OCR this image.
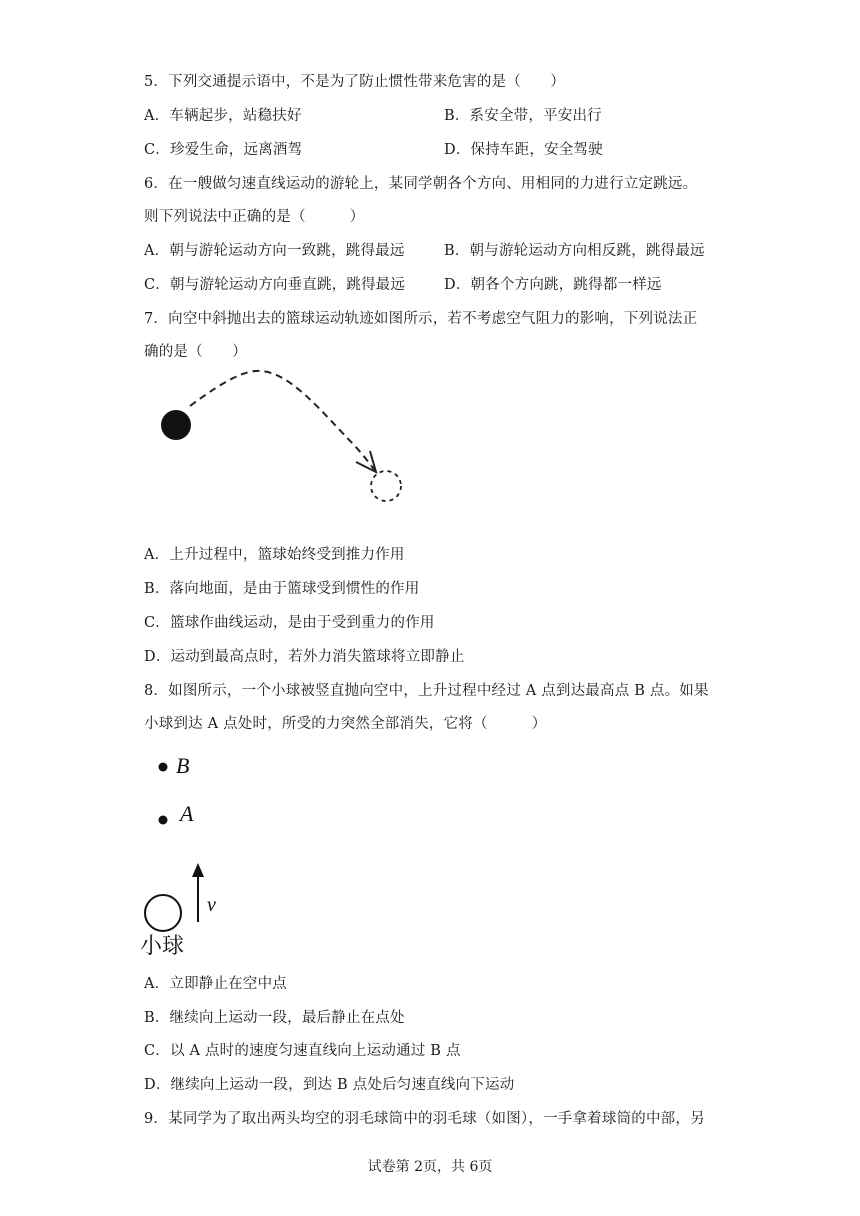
5．下列交通提示语中，不是为了防止惯性带来危害的是（　　）
A．车辆起步，站稳扶好	B．系安全带，平安出行
C．珍爱生命，远离酒驾	D．保持车距，安全驾驶
6．在一艘做匀速直线运动的游轮上，某同学朝各个方向、用相同的力进行立定跳远。
则下列说法中正确的是（　　　）
A．朝与游轮运动方向一致跳，跳得最远	B．朝与游轮运动方向相反跳，跳得最远
C．朝与游轮运动方向垂直跳，跳得最远	D．朝各个方向跳，跳得都一样远
7．向空中斜抛出去的篮球运动轨迹如图所示，若不考虑空气阻力的影响，下列说法正
确的是（　　）
A．上升过程中，篮球始终受到推力作用
B．落向地面，是由于篮球受到惯性的作用
C．篮球作曲线运动，是由于受到重力的作用
D．运动到最高点时，若外力消失篮球将立即静止
8．如图所示，一个小球被竖直抛向空中，上升过程中经过 A 点到达最高点 B 点。如果
小球到达 A 点处时，所受的力突然全部消失，它将（　　　）
B
A
v
小球
A．立即静止在空中点
B．继续向上运动一段，最后静止在点处
C．以 A 点时的速度匀速直线向上运动通过 B 点
D．继续向上运动一段，到达 B 点处后匀速直线向下运动
9．某同学为了取出两头均空的羽毛球筒中的羽毛球（如图），一手拿着球筒的中部，另
试卷第 2页，共 6页
